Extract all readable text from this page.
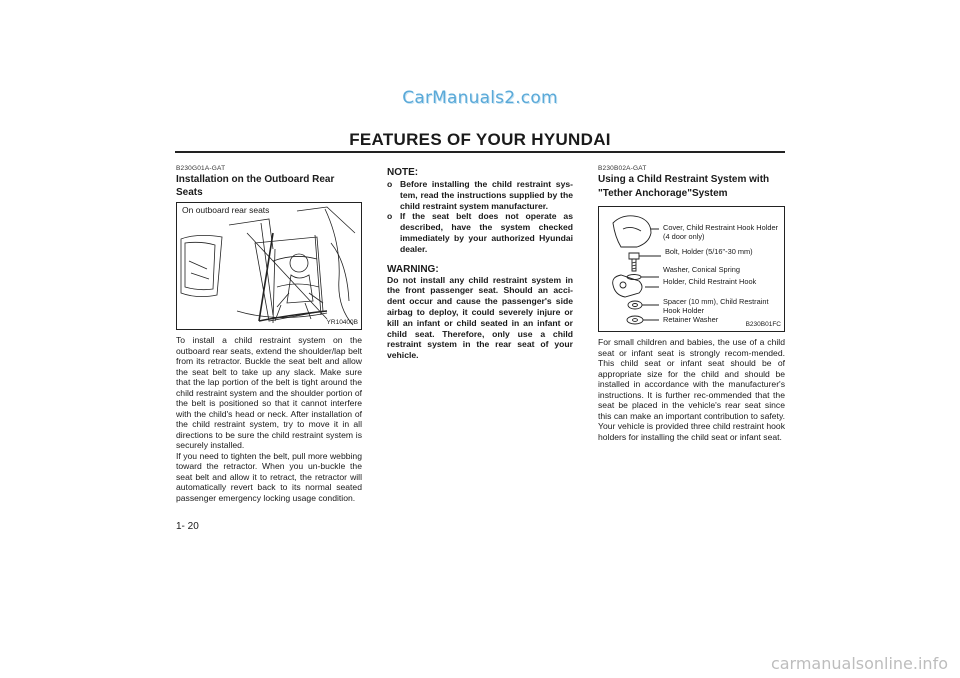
CarManuals2.com
FEATURES OF YOUR HYUNDAI
B230G01A-GAT
Installation on the Outboard Rear Seats
On outboard rear seats
YR10400B

To install a child restraint system on the outboard rear seats, extend the shoulder/lap belt from its retractor. Buckle the seat belt and allow the seat belt to take up any slack. Make sure that the lap portion of the belt is tight around the child restraint system and the shoulder portion of the belt is positioned so that it cannot interfere with the child's head or neck. After installation of the child restraint system, try to move it in all directions to be sure the child restraint system is securely installed.

If you need to tighten the belt, pull more webbing toward the retractor. When you un-buckle the seat belt and allow it to retract, the retractor will automatically revert back to its normal seated passenger emergency locking usage condition.

NOTE:
o Before installing the child restraint sys-tem, read the instructions supplied by the child restraint system manufacturer.
o If the seat belt does not operate as described, have the system checked immediately by your authorized Hyundai dealer.
WARNING:
Do not install any child restraint system in the front passenger seat. Should an acci-dent occur and cause the passenger's side airbag to deploy, it could severely injure or kill an infant or child seated in an infant or child seat. Therefore, only use a child restraint system in the rear seat of your vehicle.
B230B02A-GAT
Using a Child Restraint System with "Tether Anchorage"System
Cover, Child Restraint Hook Holder (4 door only)
Bolt, Holder (5/16"-30 mm)
Washer, Conical Spring
Holder, Child Restraint Hook
Spacer (10 mm), Child Restraint Hook Holder
Retainer Washer
B230B01FC

For small children and babies, the use of a child seat or infant seat is strongly recom-mended. This child seat or infant seat should be of appropriate size for the child and should be installed in accordance with the manufacturer's instructions. It is further rec-ommended that the seat be placed in the vehicle's rear seat since this can make an important contribution to safety. Your vehicle is provided three child restraint hook holders for installing the child seat or infant seat.

1- 20
carmanualsonline.info
